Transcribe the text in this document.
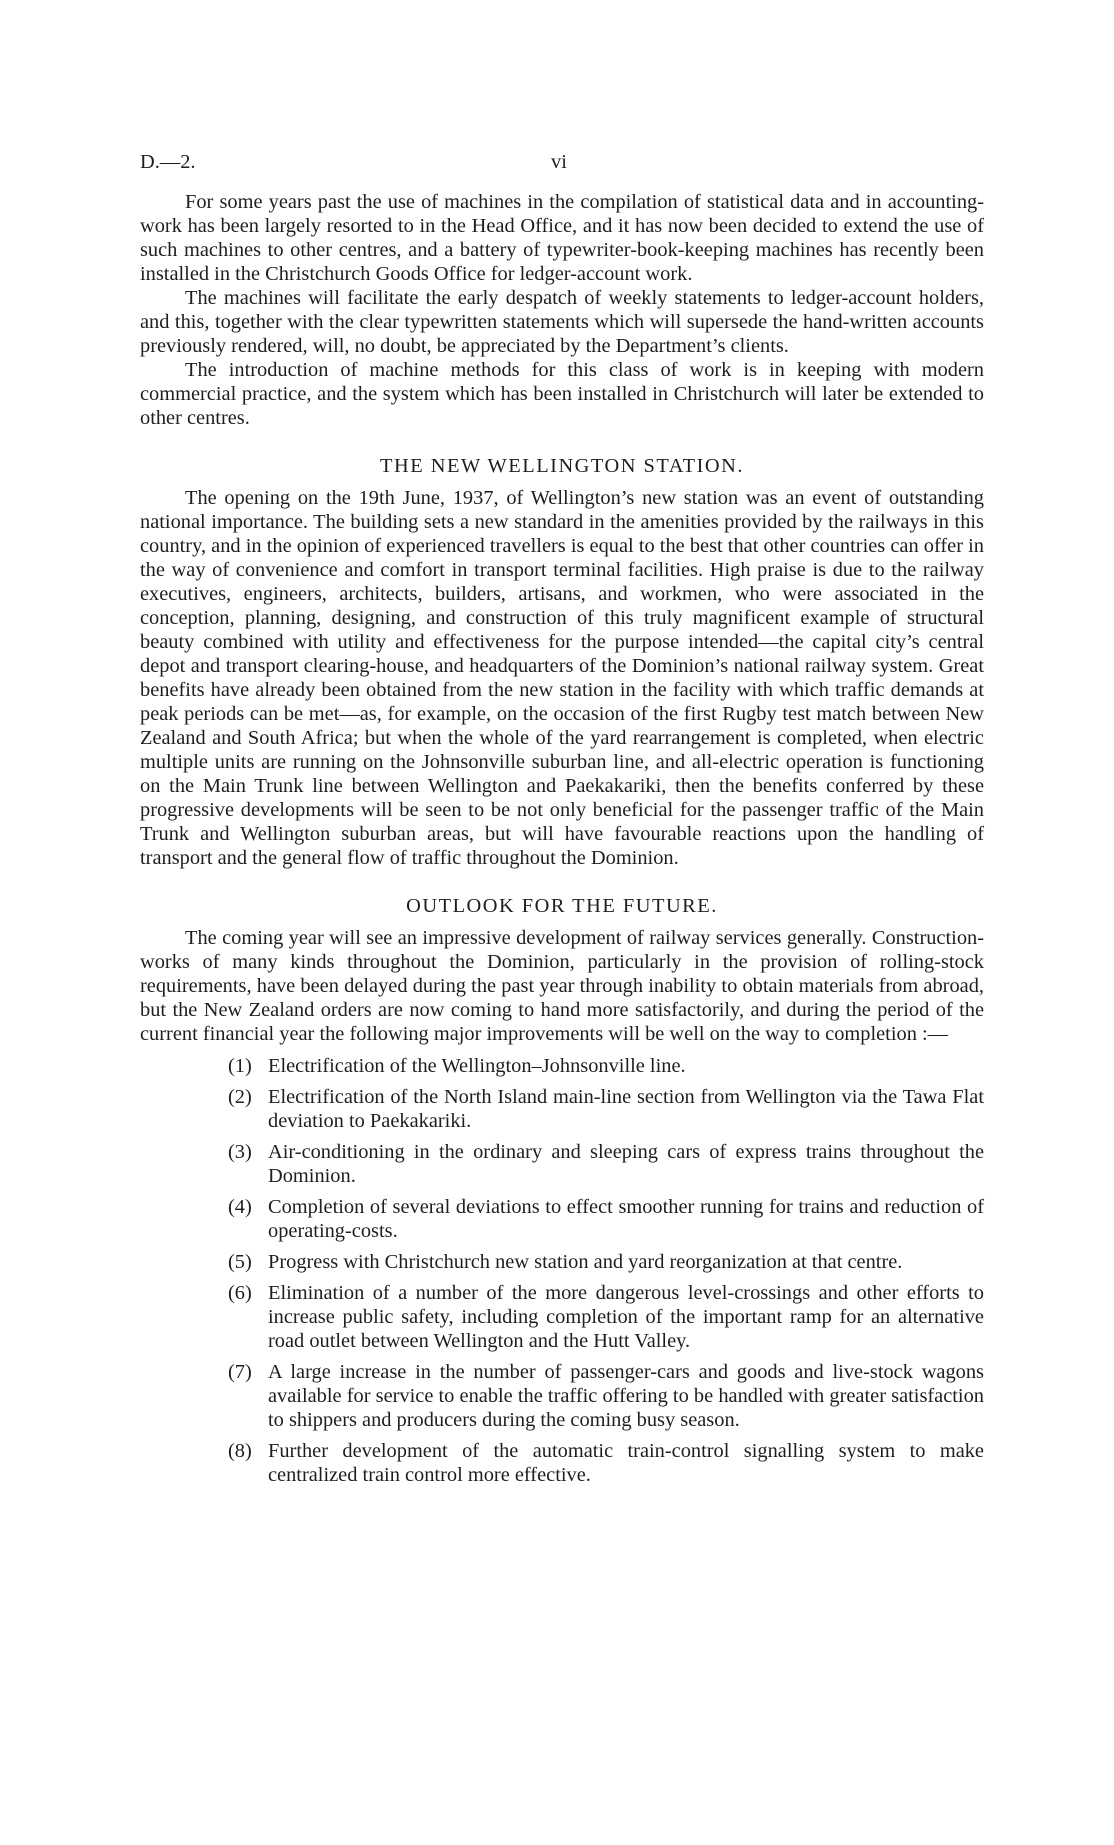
D.—2.	vi

For some years past the use of machines in the compilation of statistical data and in accounting-work has been largely resorted to in the Head Office, and it has now been decided to extend the use of such machines to other centres, and a battery of typewriter-book-keeping machines has recently been installed in the Christchurch Goods Office for ledger-account work.

The machines will facilitate the early despatch of weekly statements to ledger-account holders, and this, together with the clear typewritten statements which will supersede the hand-written accounts previously rendered, will, no doubt, be appreciated by the Department’s clients.

The introduction of machine methods for this class of work is in keeping with modern commercial practice, and the system which has been installed in Christchurch will later be extended to other centres.

THE NEW WELLINGTON STATION.

The opening on the 19th June, 1937, of Wellington’s new station was an event of outstanding national importance. The building sets a new standard in the amenities provided by the railways in this country, and in the opinion of experienced travellers is equal to the best that other countries can offer in the way of convenience and comfort in transport terminal facilities. High praise is due to the railway executives, engineers, architects, builders, artisans, and workmen, who were associated in the conception, planning, designing, and construction of this truly magnificent example of structural beauty combined with utility and effectiveness for the purpose intended—the capital city’s central depot and transport clearing-house, and headquarters of the Dominion’s national railway system. Great benefits have already been obtained from the new station in the facility with which traffic demands at peak periods can be met—as, for example, on the occasion of the first Rugby test match between New Zealand and South Africa; but when the whole of the yard rearrangement is completed, when electric multiple units are running on the Johnsonville suburban line, and all-electric operation is functioning on the Main Trunk line between Wellington and Paekakariki, then the benefits conferred by these progressive developments will be seen to be not only beneficial for the passenger traffic of the Main Trunk and Wellington suburban areas, but will have favourable reactions upon the handling of transport and the general flow of traffic throughout the Dominion.

OUTLOOK FOR THE FUTURE.

The coming year will see an impressive development of railway services generally. Construction-works of many kinds throughout the Dominion, particularly in the provision of rolling-stock requirements, have been delayed during the past year through inability to obtain materials from abroad, but the New Zealand orders are now coming to hand more satisfactorily, and during the period of the current financial year the following major improvements will be well on the way to completion :—

(1) Electrification of the Wellington–Johnsonville line.
(2) Electrification of the North Island main-line section from Wellington via the Tawa Flat deviation to Paekakariki.
(3) Air-conditioning in the ordinary and sleeping cars of express trains throughout the Dominion.
(4) Completion of several deviations to effect smoother running for trains and reduction of operating-costs.
(5) Progress with Christchurch new station and yard reorganization at that centre.
(6) Elimination of a number of the more dangerous level-crossings and other efforts to increase public safety, including completion of the important ramp for an alternative road outlet between Wellington and the Hutt Valley.
(7) A large increase in the number of passenger-cars and goods and live-stock wagons available for service to enable the traffic offering to be handled with greater satisfaction to shippers and producers during the coming busy season.
(8) Further development of the automatic train-control signalling system to make centralized train control more effective.
